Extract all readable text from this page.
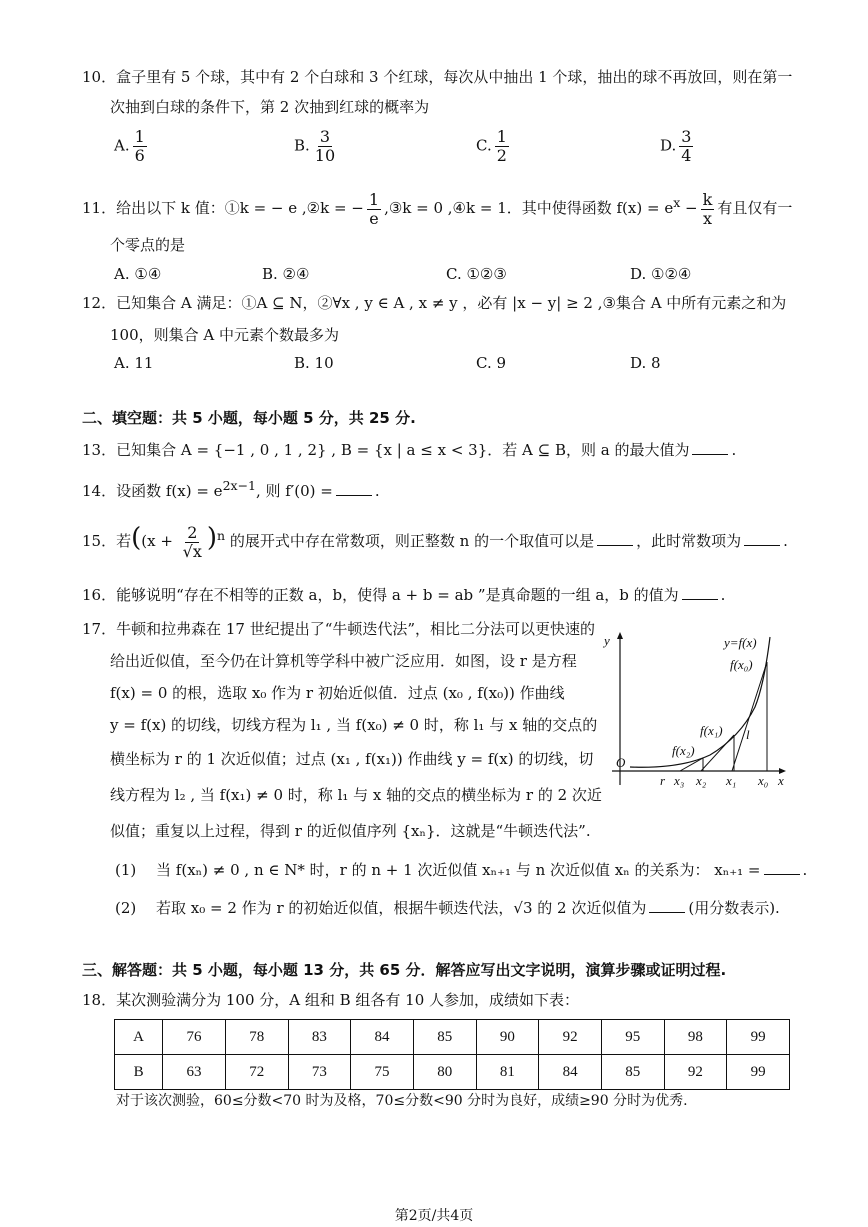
10．盒子里有 5 个球，其中有 2 个白球和 3 个红球，每次从中抽出 1 个球，抽出的球不再放回，则在第一
次抽到白球的条件下，第 2 次抽到红球的概率为
A. $\frac{1}{6}$	B. $\frac{3}{10}$	C. $\frac{1}{2}$	D. $\frac{3}{4}$
11．给出以下 k 值：①k = − e ,②k = − $\frac{1}{e}$ ,③k = 0 ,④k = 1．其中使得函数 $f(x) = e^x - \frac{k}{x}$ 有且仅有一
个零点的是
A. ①④	B. ②④	C. ①②③	D. ①②④
12．已知集合 A 满足：①A ⊆ N，②∀x , y ∈ A , x ≠ y ，必有 |x − y| ≥ 2 ,③集合 A 中所有元素之和为
100，则集合 A 中元素个数最多为
A. 11	B. 10	C. 9	D. 8
二、填空题：共 5 小题，每小题 5 分，共 25 分.
13．已知集合 A = {−1 , 0 , 1 , 2} , B = {x | a ≤ x < 3}．若 A ⊆ B，则 a 的最大值为	.
14．设函数 $f(x) = e^{2x-1}$, 则 f′(0) =	.
15．若($(x + \frac{2}{√x} )^n$ 的展开式中存在常数项，则正整数 n 的一个取值可以是	，此时常数项为	.
16．能够说明“存在不相等的正数 a，b，使得 a + b = ab ”是真命题的一组 a，b 的值为	.
17．牛顿和拉弗森在 17 世纪提出了“牛顿迭代法”，相比二分法可以更快速的
给出近似值，至今仍在计算机等学科中被广泛应用．如图，设 r 是方程
f(x) = 0 的根，选取 x₀ 作为 r 初始近似值．过点 (x₀ , f(x₀)) 作曲线
y = f(x) 的切线，切线方程为 l₁ , 当 f(x₀) ≠ 0 时，称 l₁ 与 x 轴的交点的
横坐标为 r 的 1 次近似值；过点 (x₁ , f(x₁)) 作曲线 y = f(x) 的切线，切
线方程为 l₂ , 当 f(x₁) ≠ 0 时，称 l₁ 与 x 轴的交点的横坐标为 r 的 2 次近
似值；重复以上过程，得到 r 的近似值序列 {xₙ}．这就是“牛顿迭代法”.
y	y=f(x)
f(x₀)
f(x₁)
f(x₂)
l
O
r x₃ x₂ x₁ x₀ x
(1)　 当 f(xₙ) ≠ 0 , n ∈ N* 时，r 的 n + 1 次近似值 xₙ₊₁ 与 n 次近似值 xₙ 的关系为： xₙ₊₁ =	.
(2)　 若取 x₀ = 2 作为 r 的初始近似值，根据牛顿迭代法，√3 的 2 次近似值为	(用分数表示).
三、解答题：共 5 小题，每小题 13 分，共 65 分．解答应写出文字说明，演算步骤或证明过程.
18．某次测验满分为 100 分，A 组和 B 组各有 10 人参加，成绩如下表：
A	76	78	83	84	85	90	92	95	98	99
B	63	72	73	75	80	81	84	85	92	99
对于该次测验，60≤分数<70 时为及格，70≤分数<90 分时为良好，成绩≥90 分时为优秀.
第2页/共4页
